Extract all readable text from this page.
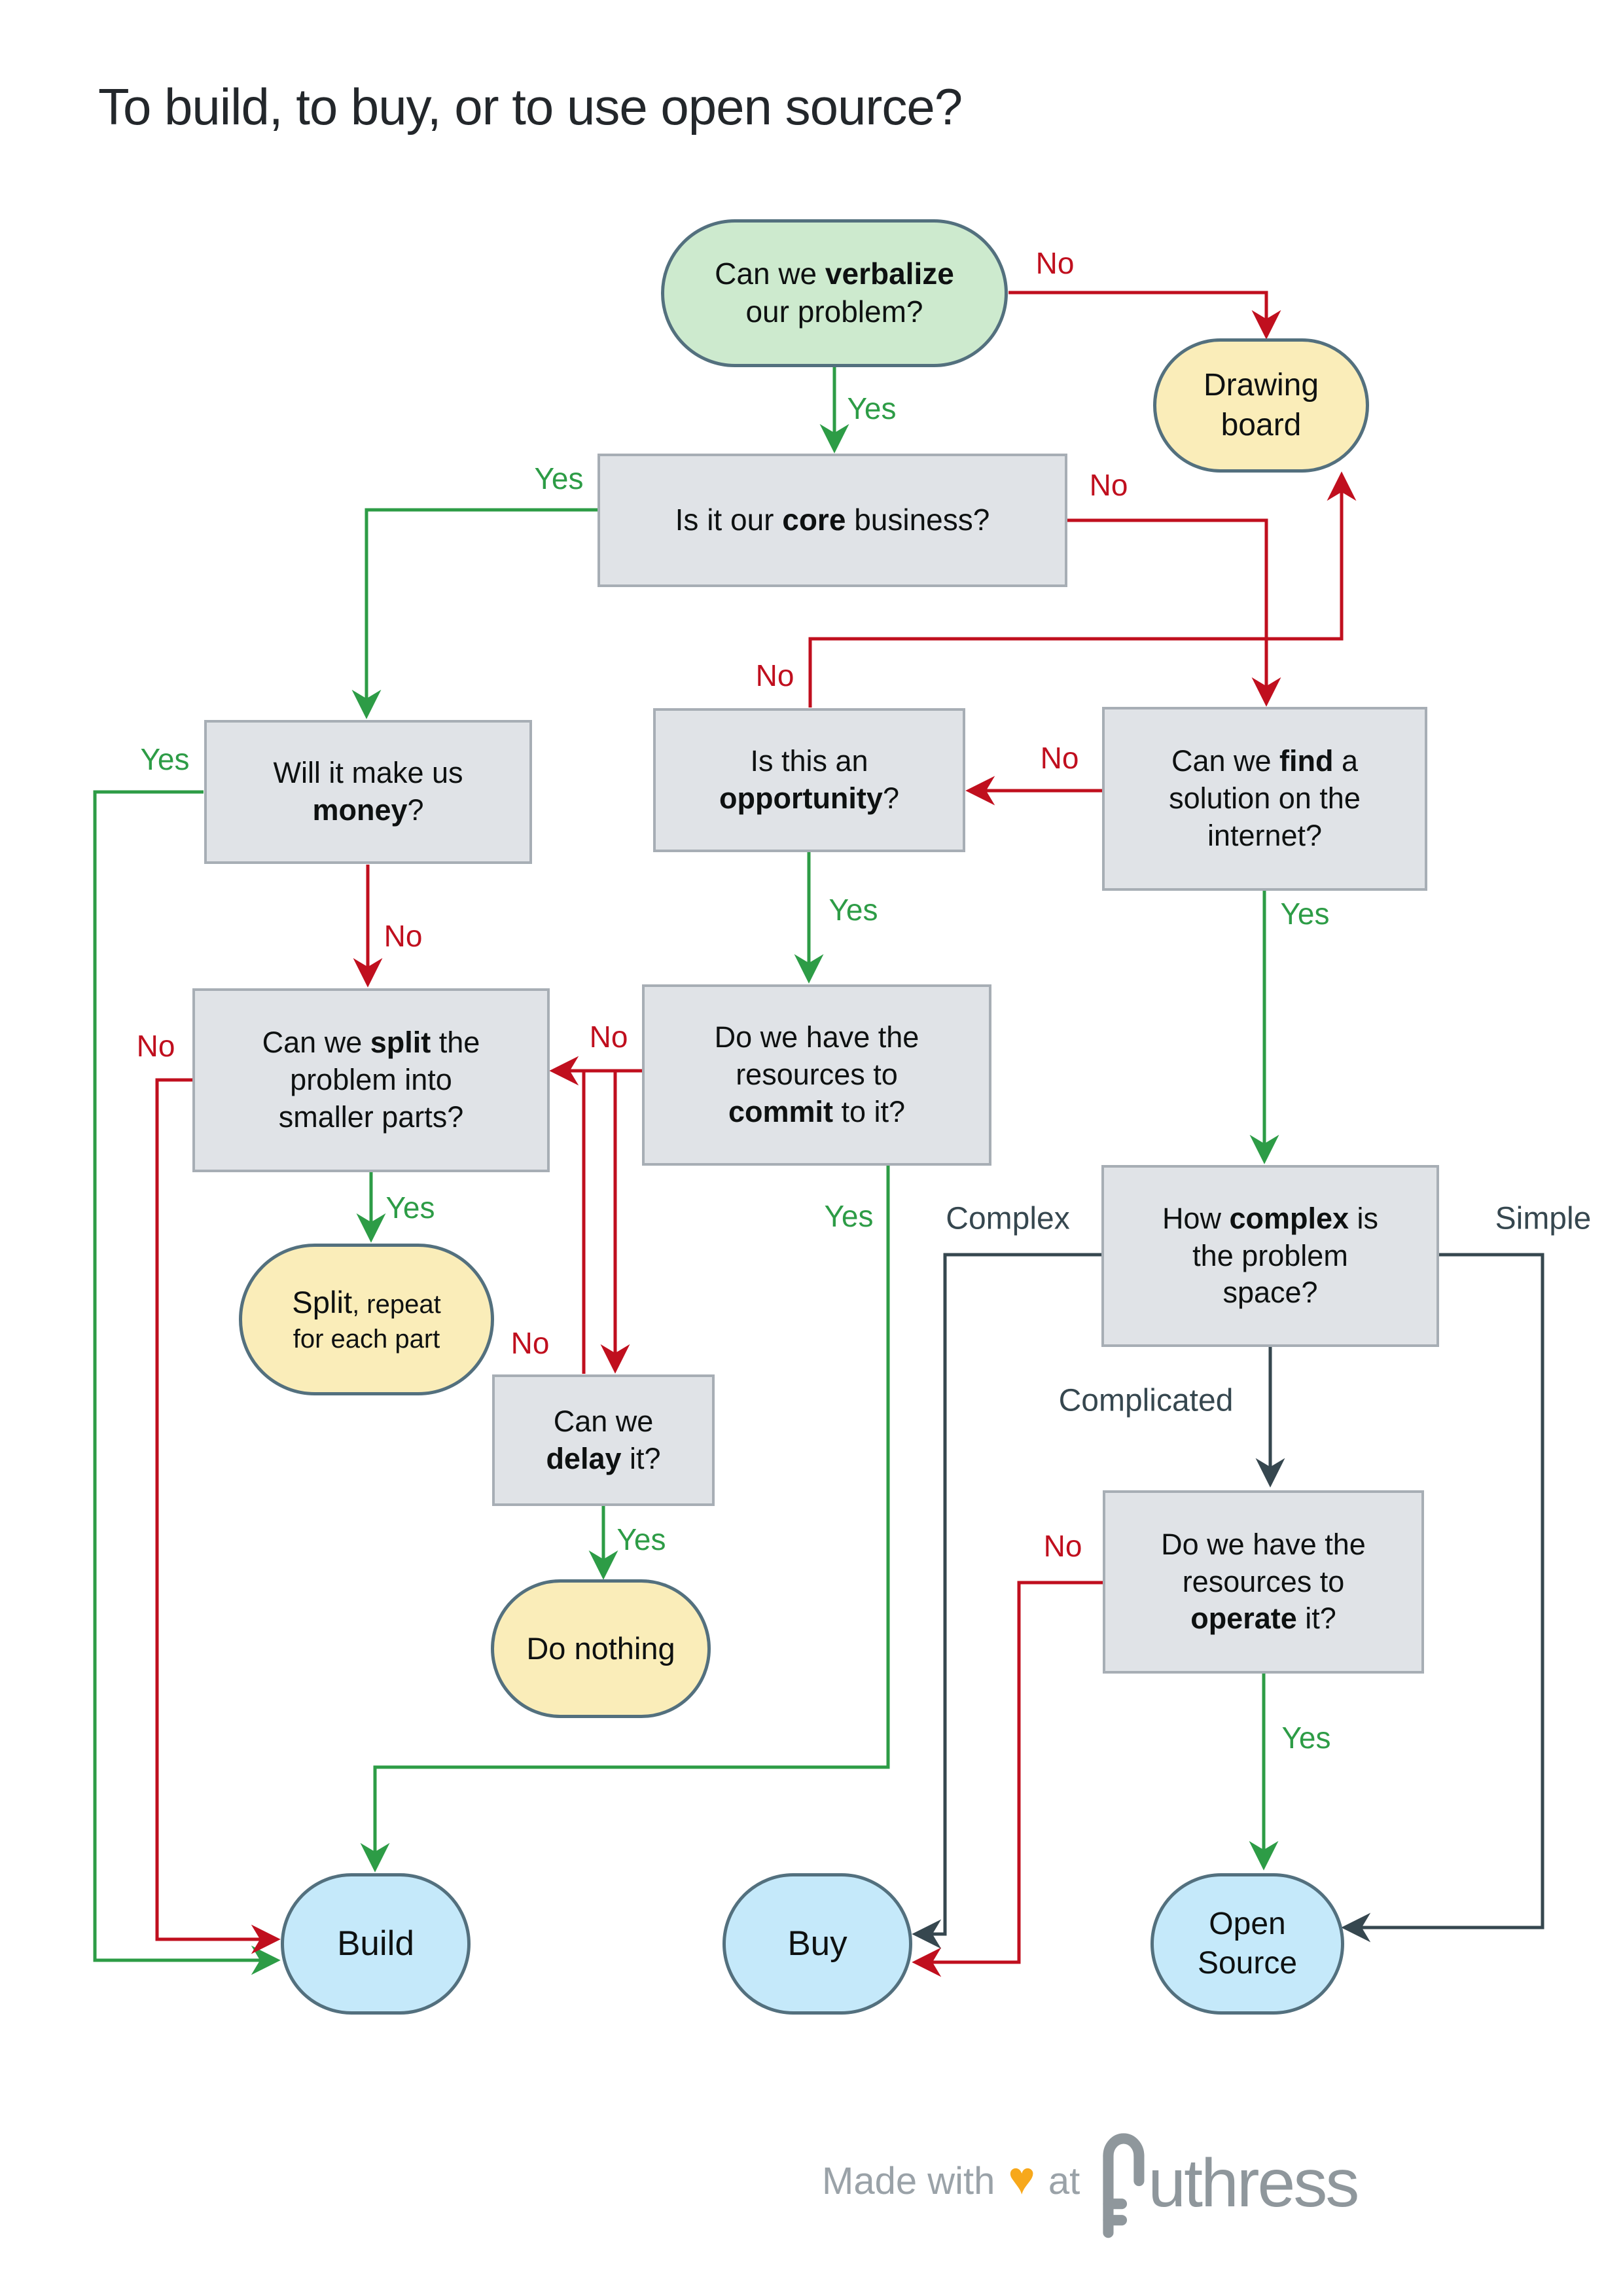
To build, to buy, or to use open source?
Can we verbalize
our problem?
Drawing
board
Is it our core business?
Will it make us
money?
Is this an
opportunity?
Can we find a
solution on the
internet?
Can we split the
problem into
smaller parts?
Do we have the
resources to
commit to it?
Split, repeat
for each part
Can we
delay it?
Do nothing
How complex is
the problem
space?
Do we have the
resources to
operate it?
Build	Buy
Open
Source
No
Yes
Yes	No
No
No
Yes
Yes
No
Yes
Yes
No	No
No
Yes
Yes Complex	Simple
Complicated
No
Yes
Made with ♥ at uthress
